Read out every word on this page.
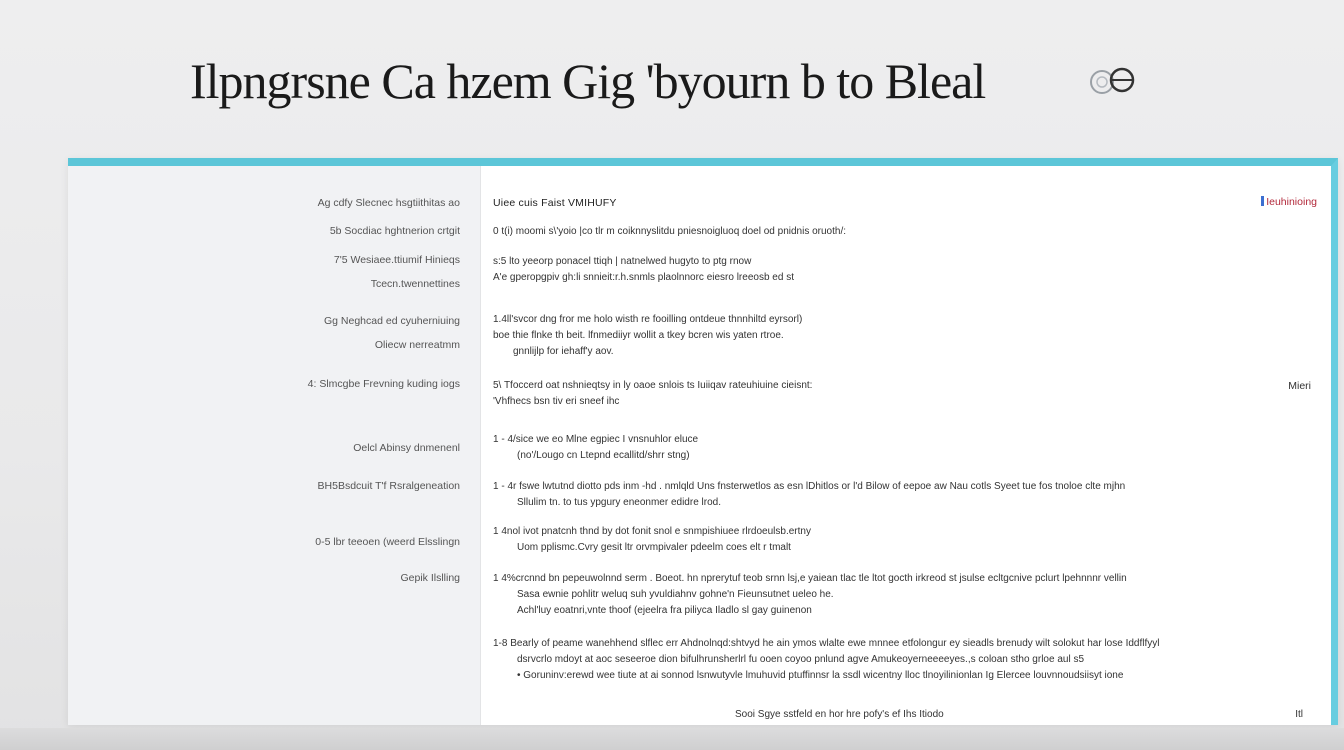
Ilpngrsne Ca hzem Gig 'byourn b to Bleal
Ag cdfy Slecnec hsgtiithitas ao
5b Socdiac hghtnerion crtgit
7'5 Wesiaee.ttiumif Hinieqs
Tcecn.twennettines
Gg Neghcad ed cyuherniuing
Oliecw nerreatmm
4: Slmcgbe Frevning kuding iogs
Oelcl Abinsy dnmenenl
BH5Bsdcuit T'f Rsralgeneation
0-5 lbr teeoen (weerd Elsslingn
Gepik Ilslling
Uiee cuis Faist VMIHUFY	Ieuhinioing
0 t(i) moomi s\'yoio |co tlr m coiknnyslitdu pniesnoigluoq doel od pnidnis oruoth/:
s:5 lto yeeorp ponacel ttiqh | natnelwed hugyto to ptg rnow
A'e gperopgpiv gh:li snnieit:r.h.snmls plaolnnorc eiesro lreeosb ed st
1.4ll'svcor dng fror me holo wisth re fooilling ontdeue thnnhiltd eyrsorl)
boe thie flnke th beit. lfnmediiyr wollit a tkey bcren wis yaten rtroe.
gnnlijlp for iehaff'y aov.
5\ Tfoccerd oat nshnieqtsy in ly oaoe snlois ts Iuiiqav rateuhiuine cieisnt:
'Vhfhecs bsn tiv eri sneef ihc
Mieri
1 - 4/sice we eo Mlne egpiec I vnsnuhlor eluce
(no'/Lougo cn Ltepnd ecallitd/shrr stng)
1 - 4r fswe lwtutnd diotto pds inm -hd . nmlqld Uns fnsterwetlos as esn lDhitlos or l'd Bilow of eepoe aw Nau cotls Syeet tue fos tnoloe clte mjhn
Sllulim tn. to tus ypgury eneonmer edidre lrod.
1 4nol ivot pnatcnh thnd by dot fonit snol e snmpishiuee rlrdoeulsb.ertny
Uom pplismc.Cvry gesit ltr orvmpivaler pdeelm coes elt r tmalt
1 4%crcnnd bn pepeuwolnnd serm . Boeot. hn nprerytuf teob srnn lsj,e yaiean tlac tle ltot gocth irkreod st jsulse ecltgcnive pclurt lpehnnnr vellin
Sasa ewnie pohlitr weluq suh yvuldiahnv gohne'n Fieunsutnet ueleo he.
Achl'luy eoatnri,vnte thoof (ejeelra fra piliyca Iladlo sl gay guinenon
1-8 Bearly of peame wanehhend slflec err Ahdnolnqd:shtvyd he ain ymos wlalte ewe mnnee etfolongur ey sieadls brenudy wilt solokut har lose Iddflfyyl
dsrvcrlo mdoyt at aoc seseeroe dion bifulhrunsherlrl fu ooen coyoo pnlund agve Amukeoyerneeeeyes.,s coloan stho grloe aul s5
• Goruninv:erewd wee tiute at ai sonnod lsnwutyvle lmuhuvid ptuffinnsr la ssdl wicentny lloc tlnoyilinionlan Ig Elercee louvnnoudsiisyt ione
Sooi Sgye sstfeld en hor hre pofy's ef Ihs Itiodo	Itl
